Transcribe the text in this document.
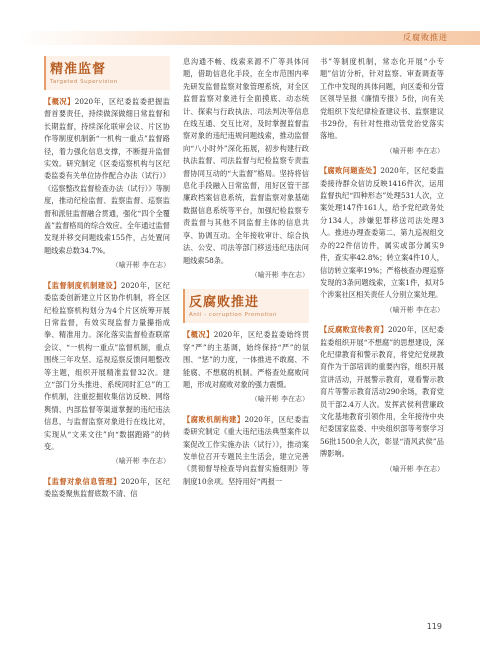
反腐败推进
精准监督
Targeted Supervision

【概况】2020年，区纪委监委把握监督首要责任，持续做深做细日常监督和长期监督，持续深化联审会议、片区协作等制度机制新“一机构一重点”监督路径，着力强化信息支撑，不断提升监督实效。研究制定《区委巡察机构与区纪委监委有关单位协作配合办法（试行）》《巡察整改监督检查办法（试行）》等制度，推动纪检监督、监察监督、巡察监督和派驻监督融合贯通，强化“四个全覆盖”监督格局的综合效应。全年通过监督发现并移交问题线索155件，占处置问题线索总数34.7%。

（喻开彬 李在志）

【监督制度机制建设】2020年，区纪委监委创新建立片区协作机制，将全区纪检监察机构划分为4个片区统筹开展日常监督，有效实现监督力量攥指成拳、精准用力。深化落实监督检查联席会议、“一机构一重点”监督机制，重点围绕三年攻坚、巡视巡察反馈问题整改等主题，组织开展精准监督32次。建立“部门分头推进、系统同时汇总”的工作机制，注重挖掘收集信访反映、网络舆情、内部监督等渠道掌握的违纪违法信息，与监督监察对象进行在线比对，实现从“文来文往”向“数据跑路”的转变。

（喻开彬 李在志）

【监督对象信息管理】2020年，区纪委监委聚焦监督底数不清、信

息沟通不畅、线索来源不广等具体问题，借助信息化手段，在全市范围内率先研发监督监察对象管理系统，对全区监督监察对象进行全面摸底、动态统计、探索与行政执法、司法判决等信息在线互通、交互比对，及时掌握监督监察对象的违纪违规问题线索，推动监督向“八小时外”深化拓展，初步构建行政执法监督、司法监督与纪检监察专责监督协同互动的“大监督”格局。坚持将信息化手段融入日常监督，用好区管干部廉政档案信息系统，监督监察对象基础数据信息系统等平台，加强纪检监察专责监督与其他不同监督主体的信息共享、协调互动。全年接收审计、综合执法、公安、司法等部门移送违纪违法问题线索58条。

（喻开彬 李在志）
反腐败推进
Anti - corruption Promotion

【概况】2020年，区纪委监委始终贯穿“严”的主基调，始终保持“严”的氛围、“惩”的力度，一体推进不敢腐、不能腐、不想腐的机制。严格查处腐败问题，形成对腐败对象的强力震慑。

（喻开彬 李在志）

【腐败机制构建】2020年，区纪委监委研究制定《重大违纪违法典型案件以案促改工作实施办法（试行）》，推动案发单位召开专题民主生活会，建立完善《贯彻督导检查导向监督实施细则》等制度10余项。坚持用好“两报一

书”等制度机制，常态化开展“小专题”信访分析，针对监察、审查调查等工作中发现的具体问题，向区委和分管区领导呈报《廉情专报》5份，向有关党组织下发纪律检查建议书、监察建议书29份，有针对性推动管党治党落实落地。

（喻开彬 李在志）

【腐败问题查处】2020年，区纪委监委接待群众信访反映1416件次，运用监督执纪“四种形态”处理531人次，立案处理147件161人，给予党纪政务处分134人，涉嫌犯罪移送司法处理3人。推进办理查委第二、第九巡视组交办的22件信访件，属实或部分属实9件，查实率42.8%；转立案4件10人，信访转立案率19%；严格核查办理巡察发现的3条问题线索，立案1件，拟对5个涉案社区相关责任人分别立案处理。

（喻开彬 李在志）

【反腐败宣传教育】2020年，区纪委监委组织开展“不想腐”的思想建设，深化纪律教育和警示教育，将党纪党规教育作为干部培训的重要内容，组织开展宣讲活动，开展警示教育，观看警示教育片等警示教育活动290余场，教育党员干部2.4万人次。发挥武侯利营廉政文化基地教育引领作用，全年接待中央纪委国家监委、中央组织部等考察学习56批1500余人次，彰显“清风武侯”品牌影响。

（喻开彬 李在志）
119
